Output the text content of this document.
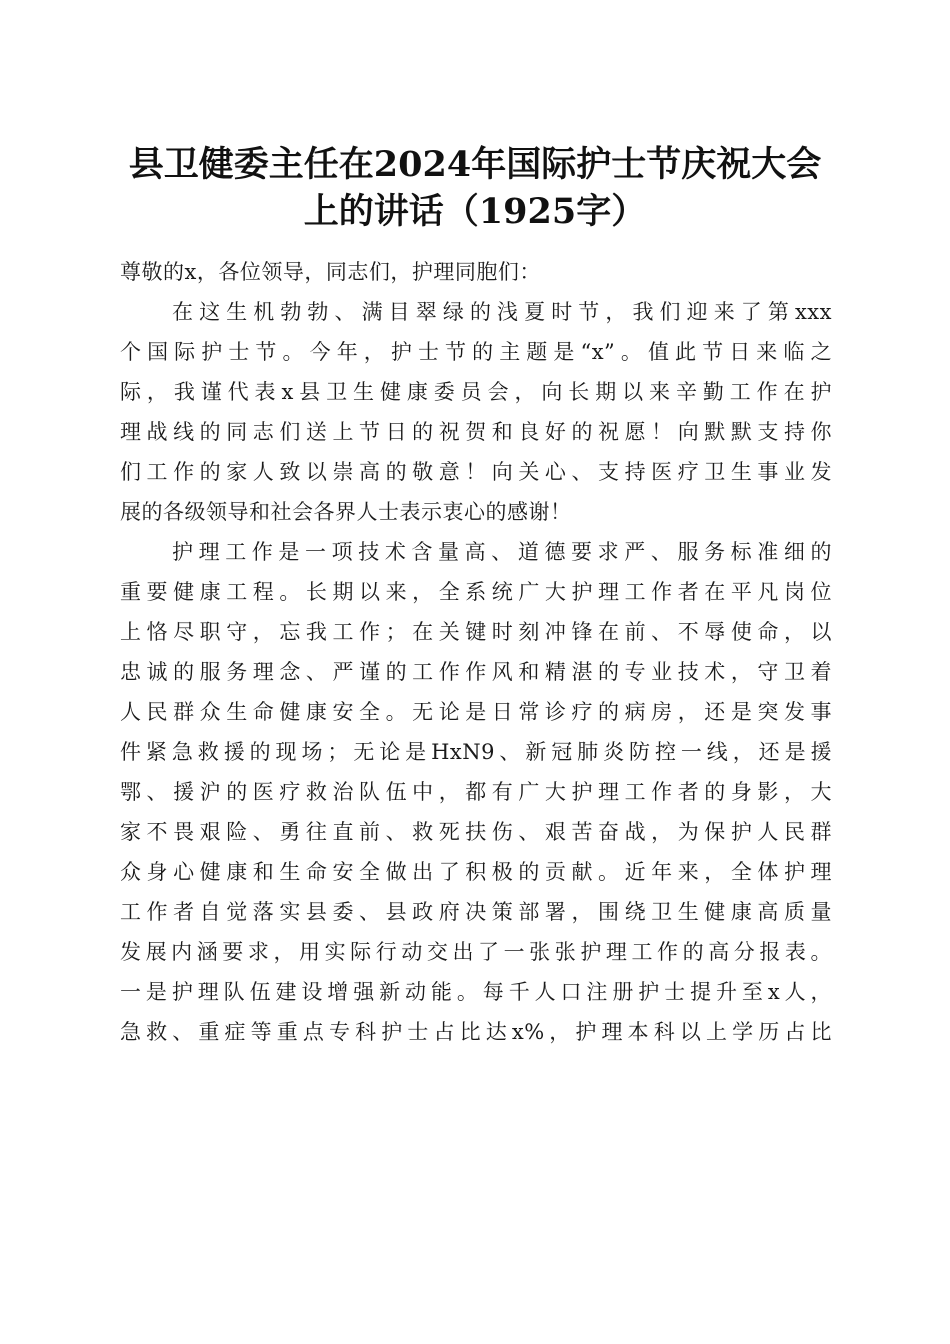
县卫健委主任在2024年国际护士节庆祝大会
上的讲话（1925字）
尊敬的x，各位领导，同志们，护理同胞们：
在这生机勃勃、满目翠绿的浅夏时节，我们迎来了第xxx
个国际护士节。今年，护士节的主题是“x”。值此节日来临之
际，我谨代表x县卫生健康委员会，向长期以来辛勤工作在护
理战线的同志们送上节日的祝贺和良好的祝愿！向默默支持你
们工作的家人致以崇高的敬意！向关心、支持医疗卫生事业发
展的各级领导和社会各界人士表示衷心的感谢！
护理工作是一项技术含量高、道德要求严、服务标准细的
重要健康工程。长期以来，全系统广大护理工作者在平凡岗位
上恪尽职守，忘我工作；在关键时刻冲锋在前、不辱使命，以
忠诚的服务理念、严谨的工作作风和精湛的专业技术，守卫着
人民群众生命健康安全。无论是日常诊疗的病房，还是突发事
件紧急救援的现场；无论是HxN9、新冠肺炎防控一线，还是援
鄂、援沪的医疗救治队伍中，都有广大护理工作者的身影，大
家不畏艰险、勇往直前、救死扶伤、艰苦奋战，为保护人民群
众身心健康和生命安全做出了积极的贡献。近年来，全体护理
工作者自觉落实县委、县政府决策部署，围绕卫生健康高质量
发展内涵要求，用实际行动交出了一张张护理工作的高分报表。
一是护理队伍建设增强新动能。每千人口注册护士提升至x人，
急救、重症等重点专科护士占比达x%，护理本科以上学历占比
